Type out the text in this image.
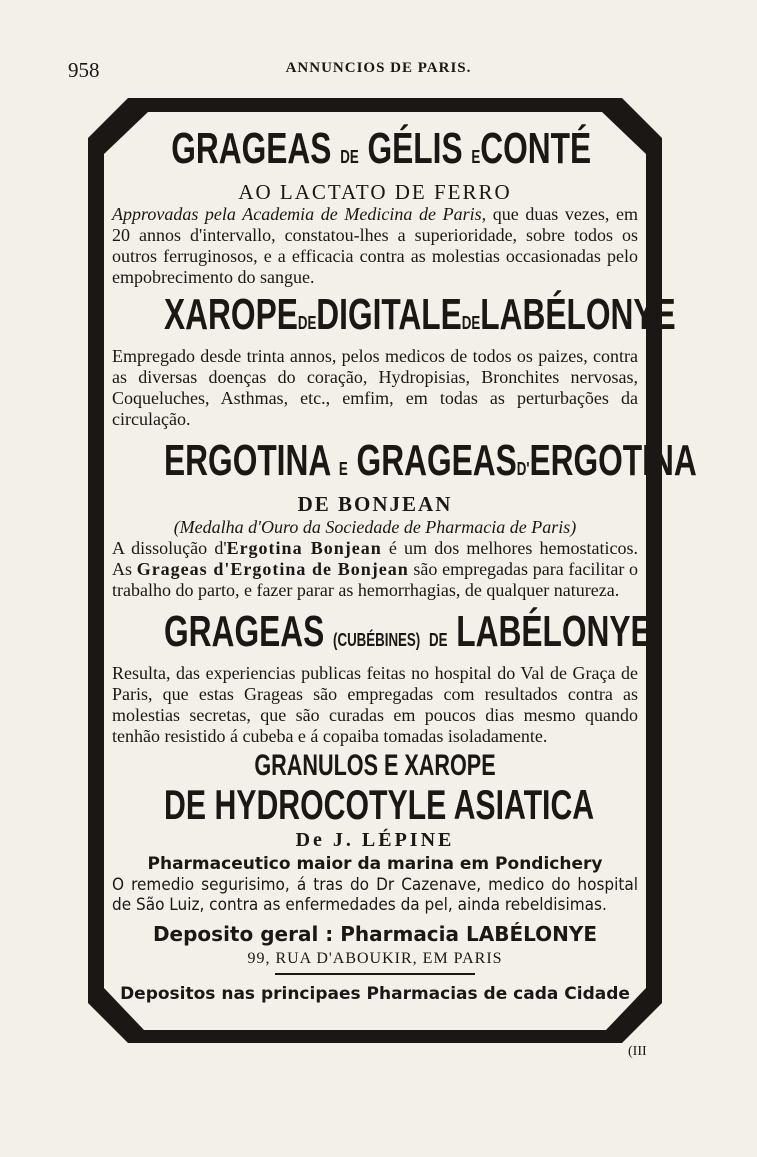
958	ANNUNCIOS DE PARIS.
GRAGEAS DE GÉLIS ECONTÉ
AO LACTATO DE FERRO
Approvadas pela Academia de Medicina de Paris, que duas vezes, em 20 annos d'intervallo, constatou-lhes a superioridade, sobre todos os outros ferruginosos, e a efficacia contra as molestias occasionadas pelo empobrecimento do sangue.
XAROPEDEDIGITALEDELABÉLONYE
Empregado desde trinta annos, pelos medicos de todos os paizes, contra as diversas doenças do coração, Hydropisias, Bronchites nervosas, Coqueluches, Asthmas, etc., emfim, em todas as perturbações da circulação.
ERGOTINA E GRAGEASD'ERGOTINA
DE BONJEAN
(Medalha d'Ouro da Sociedade de Pharmacia de Paris)
A dissolução d'Ergotina Bonjean é um dos melhores hemostaticos. As Grageas d'Ergotina de Bonjean são empregadas para facilitar o trabalho do parto, e fazer parar as hemorrhagias, de qualquer natureza.
GRAGEAS (CUBÉBINES) DE LABÉLONYE
Resulta, das experiencias publicas feitas no hospital do Val de Graça de Paris, que estas Grageas são empregadas com resultados contra as molestias secretas, que são curadas em poucos dias mesmo quando tenhão resistido á cubeba e á copaiba tomadas isoladamente.
GRANULOS E XAROPE
DE HYDROCOTYLE ASIATICA
De J. LÉPINE
Pharmaceutico maior da marina em Pondichery
O remedio segurisimo, á tras do Dr Cazenave, medico do hospital de São Luiz, contra as enfermedades da pel, ainda rebeldisimas.
Deposito geral : Pharmacia LABÉLONYE
99, RUA D'ABOUKIR, EM PARIS
Depositos nas principaes Pharmacias de cada Cidade
(III
